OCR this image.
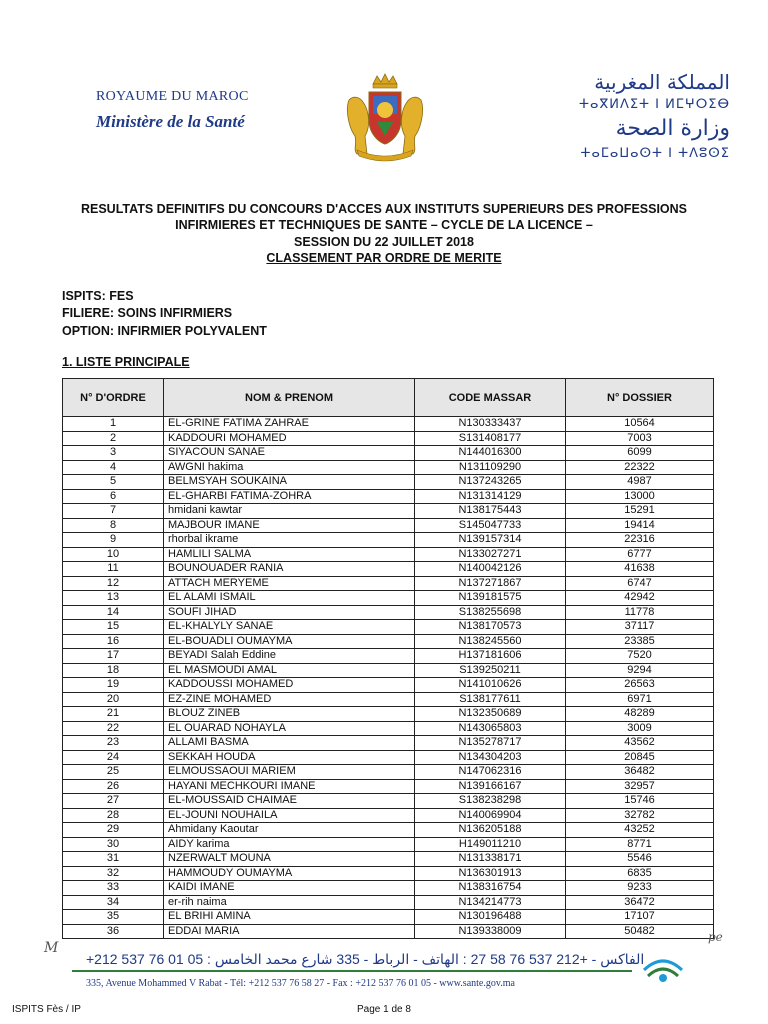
ROYAUME DU MAROC
Ministère de la Santé
المملكة المغربية
ⵜⴰⴳⵍⴷⵉⵜ ⵏ ⵍⵎⵖⵔⵉⴱ
وزارة الصحة
ⵜⴰⵎⴰⵡⴰⵙⵜ ⵏ ⵜⴷⵓⵙⵉ
RESULTATS DEFINITIFS DU CONCOURS D'ACCES AUX INSTITUTS SUPERIEURS DES PROFESSIONS
INFIRMIERES ET TECHNIQUES DE SANTE – CYCLE DE LA LICENCE –
SESSION DU 22 JUILLET 2018
CLASSEMENT PAR ORDRE DE MERITE
ISPITS: FES
FILIERE: SOINS INFIRMIERS
OPTION: INFIRMIER POLYVALENT
1. LISTE PRINCIPALE
N° D'ORDRE	NOM & PRENOM	CODE MASSAR	N° DOSSIER
1	EL-GRINE FATIMA ZAHRAE	N130333437	10564
2	KADDOURI MOHAMED	S131408177	7003
3	SIYACOUN SANAE	N144016300	6099
4	AWGNI hakima	N131109290	22322
5	BELMSYAH SOUKAINA	N137243265	4987
6	EL-GHARBI FATIMA-ZOHRA	N131314129	13000
7	hmidani kawtar	N138175443	15291
8	MAJBOUR IMANE	S145047733	19414
9	rhorbal ikrame	N139157314	22316
10	HAMLILI SALMA	N133027271	6777
11	BOUNOUADER RANIA	N140042126	41638
12	ATTACH MERYEME	N137271867	6747
13	EL ALAMI ISMAIL	N139181575	42942
14	SOUFI JIHAD	S138255698	11778
15	EL-KHALYLY SANAE	N138170573	37117
16	EL-BOUADLI OUMAYMA	N138245560	23385
17	BEYADI Salah Eddine	H137181606	7520
18	EL MASMOUDI AMAL	S139250211	9294
19	KADDOUSSI MOHAMED	N141010626	26563
20	EZ-ZINE MOHAMED	S138177611	6971
21	BLOUZ ZINEB	N132350689	48289
22	EL OUARAD NOHAYLA	N143065803	3009
23	ALLAMI BASMA	N135278717	43562
24	SEKKAH HOUDA	N134304203	20845
25	ELMOUSSAOUI MARIEM	N147062316	36482
26	HAYANI MECHKOURI IMANE	N139166167	32957
27	EL-MOUSSAID CHAIMAE	S138238298	15746
28	EL-JOUNI NOUHAILA	N140069904	32782
29	Ahmidany Kaoutar	N136205188	43252
30	AIDY karima	H149011210	8771
31	NZERWALT MOUNA	N131338171	5546
32	HAMMOUDY OUMAYMA	N136301913	6835
33	KAIDI IMANE	N138316754	9233
34	er-rih naima	N134214773	36472
35	EL BRIHI AMINA	N130196488	17107
36	EDDAI MARIA	N139338009	50482
M
pe
+212 537 76 01 05 : الفاكس - +212 537 76 58 27 : الهاتف - الرباط - 335 شارع محمد الخامس
335, Avenue Mohammed V Rabat - Tél: +212 537 76 58 27 - Fax : +212 537 76 01 05 - www.sante.gov.ma
ISPITS Fès / IP	Page 1 de 8
